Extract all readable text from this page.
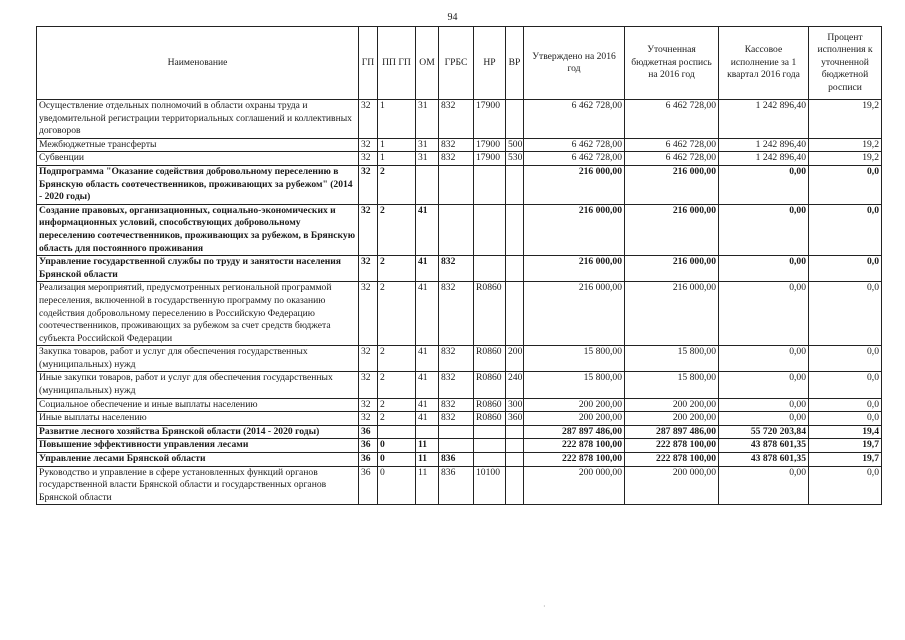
94
Наименование	ГП	ПП ГП	ОМ	ГРБС	НР	ВР	Утверждено на 2016 год	Уточненная бюджетная роспись на 2016 год	Кассовое исполнение за 1 квартал 2016 года	Процент исполнения к уточненной бюджетной росписи
Осуществление отдельных полномочий в области охраны труда и уведомительной регистрации территориальных соглашений и коллективных договоров	32	1	31	832	17900		6 462 728,00	6 462 728,00	1 242 896,40	19,2
Межбюджетные трансферты	32	1	31	832	17900	500	6 462 728,00	6 462 728,00	1 242 896,40	19,2
Субвенции	32	1	31	832	17900	530	6 462 728,00	6 462 728,00	1 242 896,40	19,2
Подпрограмма "Оказание содействия добровольному переселению в Брянскую область соотечественников, проживающих за рубежом" (2014 - 2020 годы)	32	2					216 000,00	216 000,00	0,00	0,0
Создание правовых, организационных, социально-экономических и информационных условий, способствующих добровольному переселению соотечественников, проживающих за рубежом, в Брянскую область для постоянного проживания	32	2	41				216 000,00	216 000,00	0,00	0,0
Управление государственной службы по труду и занятости населения Брянской области	32	2	41	832			216 000,00	216 000,00	0,00	0,0
Реализация мероприятий, предусмотренных региональной программой переселения, включенной в государственную программу по оказанию содействия добровольному переселению в Российскую Федерацию соотечественников, проживающих за рубежом за счет средств бюджета субъекта Российской Федерации	32	2	41	832	R0860		216 000,00	216 000,00	0,00	0,0
Закупка товаров, работ и услуг для обеспечения государственных (муниципальных) нужд	32	2	41	832	R0860	200	15 800,00	15 800,00	0,00	0,0
Иные закупки товаров, работ и услуг для обеспечения государственных (муниципальных) нужд	32	2	41	832	R0860	240	15 800,00	15 800,00	0,00	0,0
Социальное обеспечение и иные выплаты населению	32	2	41	832	R0860	300	200 200,00	200 200,00	0,00	0,0
Иные выплаты населению	32	2	41	832	R0860	360	200 200,00	200 200,00	0,00	0,0
Развитие лесного хозяйства Брянской области (2014 - 2020 годы)	36						287 897 486,00	287 897 486,00	55 720 203,84	19,4
Повышение эффективности управления лесами	36	0	11				222 878 100,00	222 878 100,00	43 878 601,35	19,7
Управление лесами Брянской области	36	0	11	836			222 878 100,00	222 878 100,00	43 878 601,35	19,7
Руководство и управление в сфере установленных функций органов государственной власти Брянской области и государственных органов Брянской области	36	0	11	836	10100		200 000,00	200 000,00	0,00	0,0
·
